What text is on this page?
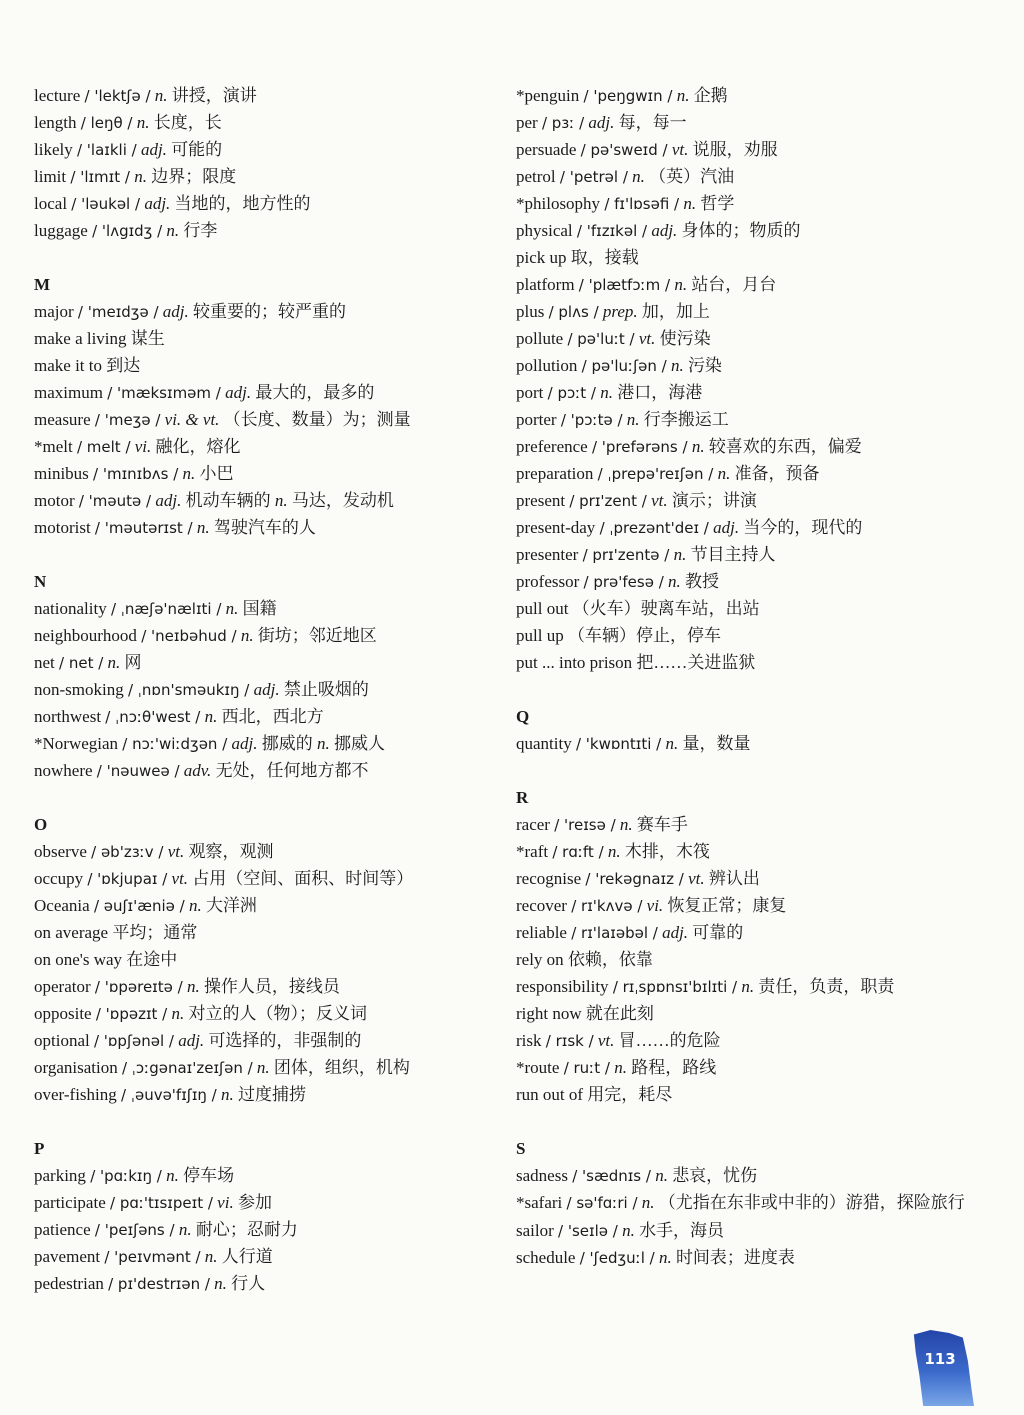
lecture / 'lektʃə / n. 讲授，演讲
length / leŋθ / n. 长度，长
likely / 'laɪkli / adj. 可能的
limit / 'lɪmɪt / n. 边界；限度
local / 'ləukəl / adj. 当地的，地方性的
luggage / 'lʌgɪdʒ / n. 行李
M
major / 'meɪdʒə / adj. 较重要的；较严重的
make a living 谋生
make it to 到达
maximum / 'mæksɪməm / adj. 最大的，最多的
measure / 'meʒə / vi. & vt. （长度、数量）为；测量
*melt / melt / vi. 融化，熔化
minibus / 'mɪnɪbʌs / n. 小巴
motor / 'məutə / adj. 机动车辆的 n. 马达，发动机
motorist / 'məutərɪst / n. 驾驶汽车的人
N
nationality / ˌnæʃə'nælɪti / n. 国籍
neighbourhood / 'neɪbəhud / n. 街坊；邻近地区
net / net / n. 网
non-smoking / ˌnɒn'sməukɪŋ / adj. 禁止吸烟的
northwest / ˌnɔːθ'west / n. 西北，西北方
*Norwegian / nɔː'wiːdʒən / adj. 挪威的 n. 挪威人
nowhere / 'nəuweə / adv. 无处，任何地方都不
O
observe / əb'zɜːv / vt. 观察，观测
occupy / 'ɒkjupaɪ / vt. 占用（空间、面积、时间等）
Oceania / əuʃɪ'æniə / n. 大洋洲
on average 平均；通常
on one's way 在途中
operator / 'ɒpəreɪtə / n. 操作人员，接线员
opposite / 'ɒpəzɪt / n. 对立的人（物）；反义词
optional / 'ɒpʃənəl / adj. 可选择的，非强制的
organisation / ˌɔːgənaɪ'zeɪʃən / n. 团体，组织，机构
over-fishing / ˌəuvə'fɪʃɪŋ / n. 过度捕捞
P
parking / 'pɑːkɪŋ / n. 停车场
participate / pɑː'tɪsɪpeɪt / vi. 参加
patience / 'peɪʃəns / n. 耐心；忍耐力
pavement / 'peɪvmənt / n. 人行道
pedestrian / pɪ'destrɪən / n. 行人
*penguin / 'peŋgwɪn / n. 企鹅
per / pɜː / adj. 每，每一
persuade / pə'sweɪd / vt. 说服，劝服
petrol / 'petrəl / n. （英）汽油
*philosophy / fɪ'lɒsəfi / n. 哲学
physical / 'fɪzɪkəl / adj. 身体的；物质的
pick up 取，接载
platform / 'plætfɔːm / n. 站台，月台
plus / plʌs / prep. 加，加上
pollute / pə'luːt / vt. 使污染
pollution / pə'luːʃən / n. 污染
port / pɔːt / n. 港口，海港
porter / 'pɔːtə / n. 行李搬运工
preference / 'prefərəns / n. 较喜欢的东西，偏爱
preparation / ˌprepə'reɪʃən / n. 准备，预备
present / prɪ'zent / vt. 演示；讲演
present-day / ˌprezənt'deɪ / adj. 当今的，现代的
presenter / prɪ'zentə / n. 节目主持人
professor / prə'fesə / n. 教授
pull out （火车）驶离车站，出站
pull up （车辆）停止，停车
put ... into prison 把……关进监狱
Q
quantity / 'kwɒntɪti / n. 量，数量
R
racer / 'reɪsə / n. 赛车手
*raft / rɑːft / n. 木排，木筏
recognise / 'rekəgnaɪz / vt. 辨认出
recover / rɪ'kʌvə / vi. 恢复正常；康复
reliable / rɪ'laɪəbəl / adj. 可靠的
rely on 依赖，依靠
responsibility / rɪˌspɒnsɪ'bɪlɪti / n. 责任，负责，职责
right now 就在此刻
risk / rɪsk / vt. 冒……的危险
*route / ruːt / n. 路程，路线
run out of 用完，耗尽
S
sadness / 'sædnɪs / n. 悲哀，忧伤
*safari / sə'fɑːri / n. （尤指在东非或中非的）游猎，探险旅行
sailor / 'seɪlə / n. 水手，海员
schedule / 'ʃedʒuːl / n. 时间表；进度表
113
